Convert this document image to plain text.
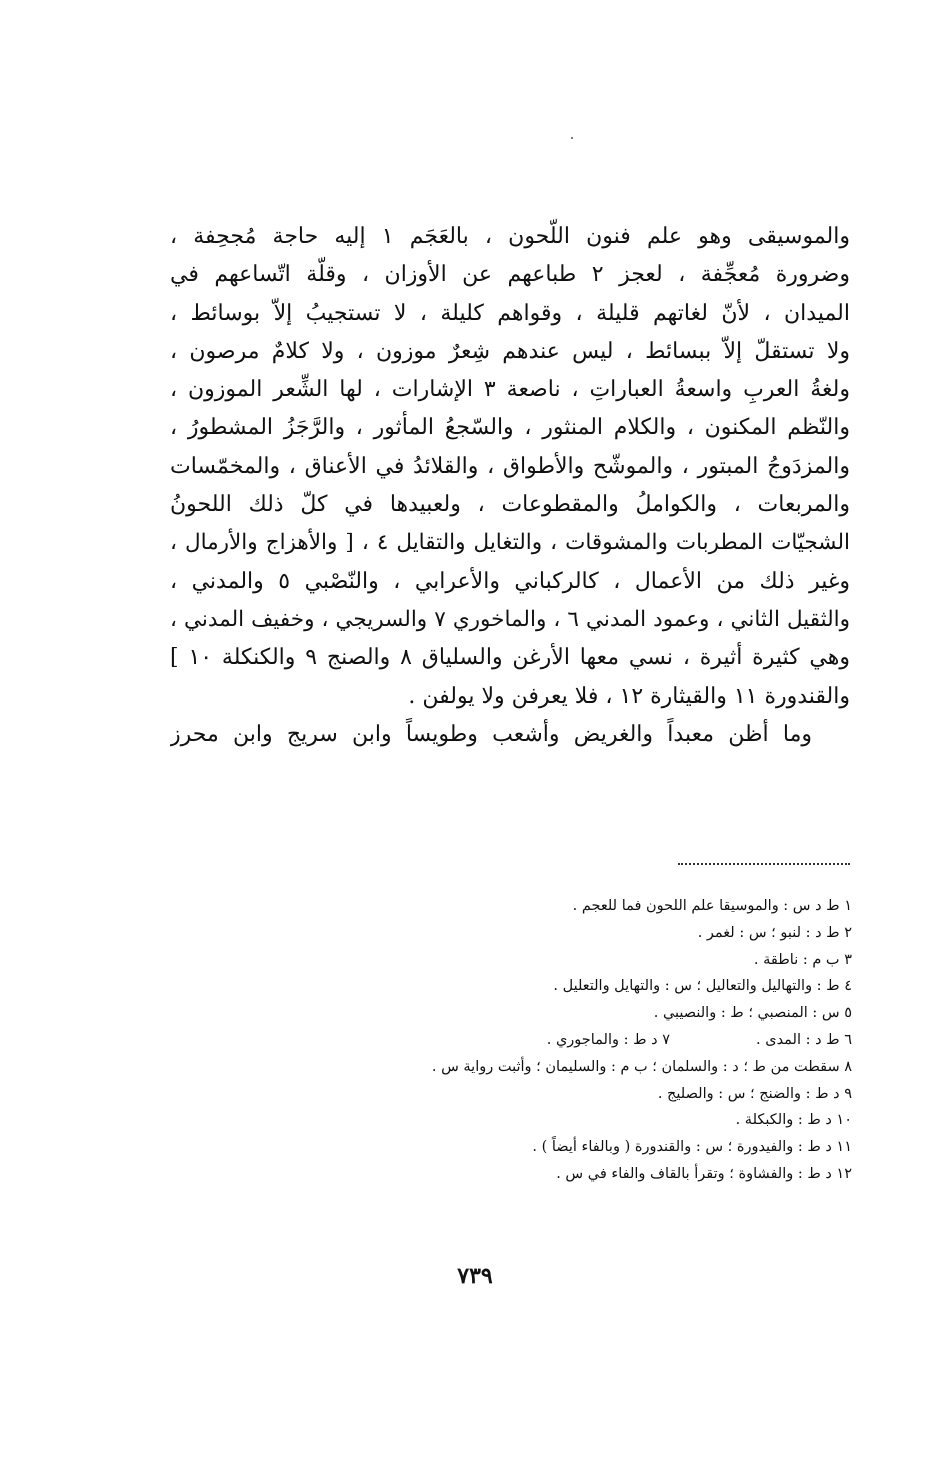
والموسيقى وهو علم فنون اللّحون ، بالعَجَم ١ إليه حاجة مُجحِفة ،
وضرورة مُعجِّفة ، لعجز ٢ طباعهم عن الأوزان ، وقلّة اتّساعهم في
الميدان ، لأنّ لغاتهم قليلة ، وقواهم كليلة ، لا تستجيبُ إلاّ بوسائط ،
ولا تستقلّ إلاّ ببسائط ، ليس عندهم شِعرٌ موزون ، ولا كلامٌ مرصون ،
ولغةُ العربِ واسعةُ العباراتِ ، ناصعة ٣ الإشارات ، لها الشِّعر الموزون ،
والنّظم المكنون ، والكلام المنثور ، والسّجعُ المأثور ، والرَّجَزُ المشطورُ ،
والمزدَوجُ المبتور ، والموشّح والأطواق ، والقلائدُ في الأعناق ، والمخمّسات
والمربعات ، والكواملُ والمقطوعات ، ولعبيدها في كلّ ذلك اللحونُ
الشجيّات المطربات والمشوقات ، والتغايل والتقايل ٤ ، [ والأهزاج والأرمال ،
وغير ذلك من الأعمال ، كالركباني والأعرابي ، والنّصْبي ٥ والمدني ،
والثقيل الثاني ، وعمود المدني ٦ ، والماخوري ٧ والسريجي ، وخفيف المدني ،
وهي كثيرة أثيرة ، نسي معها الأرغن والسلياق ٨ والصنج ٩ والكنكلة ١٠ ]
والقندورة ١١ والقيثارة ١٢ ، فلا يعرفن ولا يولفن .
وما أظن معبداً والغريض وأشعب وطويساً وابن سريج وابن محرز
١ ط د س : والموسيقا علم اللحون فما للعجم .
٢ ط د : لنبو ؛ س : لغمر .
٣ ب م : ناطقة .
٤ ط : والتهاليل والتعاليل ؛ س : والتهايل والتعليل .
٥ س : المنصبي ؛ ط : والنصيبي .
٦ ط د : المدى .
٧ د ط : والماجوري .
٨ سقطت من ط ؛ د : والسلمان ؛ ب م : والسليمان ؛ وأثبت رواية س .
٩ د ط : والضنج ؛ س : والصليج .
١٠ د ط : والكبكلة .
١١ د ط : والفيدورة ؛ س : والقندورة ( وبالفاء أيضاً ) .
١٢ د ط : والفشاوة ؛ وتقرأ بالقاف والفاء في س .
٧٣٩
